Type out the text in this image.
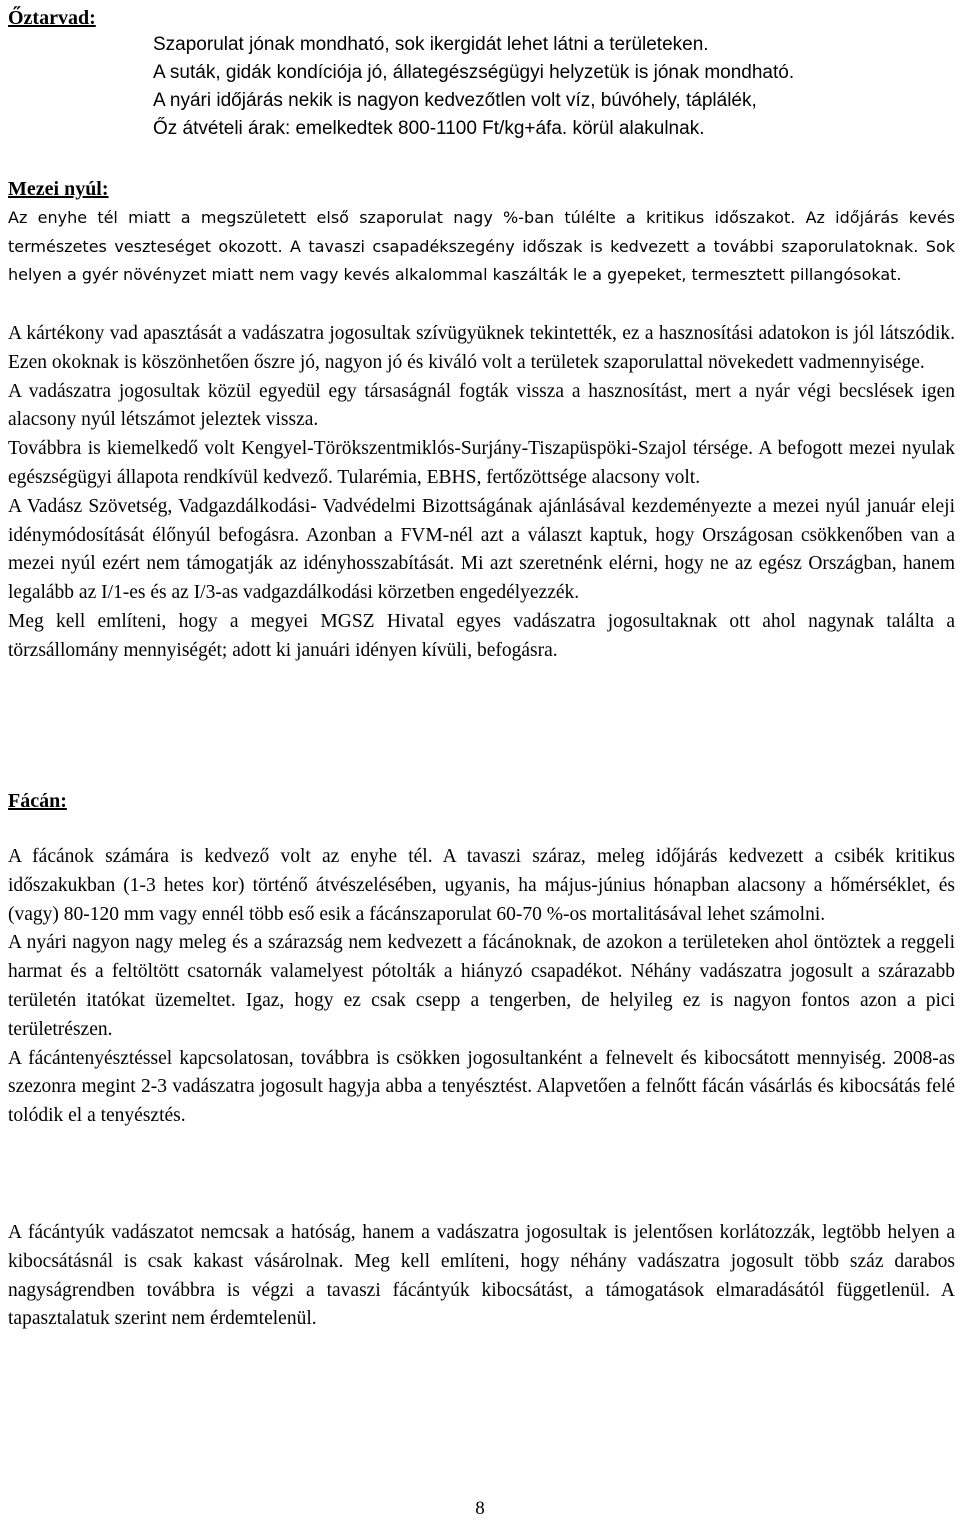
Őztarvad:

Szaporulat jónak mondható, sok ikergidát lehet látni a területeken.

A suták, gidák kondíciója jó, állategészségügyi helyzetük is jónak mondható.

A nyári időjárás nekik is nagyon kedvezőtlen volt víz, búvóhely, táplálék,

Őz átvételi árak: emelkedtek 800-1100 Ft/kg+áfa. körül alakulnak.

Mezei nyúl:

Az enyhe tél miatt a megszületett első szaporulat nagy %-ban túlélte a kritikus időszakot. Az időjárás kevés természetes veszteséget okozott. A tavaszi csapadékszegény időszak is kedvezett a további szaporulatoknak. Sok helyen a gyér növényzet miatt nem vagy kevés alkalommal kaszálták le a gyepeket, termesztett pillangósokat.

A kártékony vad apasztását a vadászatra jogosultak szívügyüknek tekintették, ez a hasznosítási adatokon is jól látszódik. Ezen okoknak is köszönhetően őszre jó, nagyon jó és kiváló volt a területek szaporulattal növekedett vadmennyisége.

A vadászatra jogosultak közül egyedül egy társaságnál fogták vissza a hasznosítást, mert a nyár végi becslések igen alacsony nyúl létszámot jeleztek vissza.

Továbbra is kiemelkedő volt Kengyel-Törökszentmiklós-Surjány-Tiszapüspöki-Szajol térsége. A befogott mezei nyulak egészségügyi állapota rendkívül kedvező. Tularémia, EBHS, fertőzöttsége alacsony volt.

A Vadász Szövetség, Vadgazdálkodási- Vadvédelmi Bizottságának ajánlásával kezdeményezte a mezei nyúl január eleji idénymódosítását élőnyúl befogásra. Azonban a FVM-nél azt a választ kaptuk, hogy Országosan csökkenőben van a mezei nyúl ezért nem támogatják az idényhosszabítását. Mi azt szeretnénk elérni, hogy ne az egész Országban, hanem legalább az I/1-es és az I/3-as vadgazdálkodási körzetben engedélyezzék.

Meg kell említeni, hogy a megyei MGSZ Hivatal egyes vadászatra jogosultaknak ott ahol nagynak találta a törzsállomány mennyiségét; adott ki januári idényen kívüli, befogásra.

Fácán:

A fácánok számára is kedvező volt az enyhe tél. A tavaszi száraz, meleg időjárás kedvezett a csibék kritikus időszakukban (1-3 hetes kor) történő átvészelésében, ugyanis, ha május-június hónapban alacsony a hőmérséklet, és (vagy) 80-120 mm vagy ennél több eső esik a fácánszaporulat 60-70 %-os mortalitásával lehet számolni.

A nyári nagyon nagy meleg és a szárazság nem kedvezett a fácánoknak, de azokon a területeken ahol öntöztek a reggeli harmat és a feltöltött csatornák valamelyest pótolták a hiányzó csapadékot. Néhány vadászatra jogosult a szárazabb területén itatókat üzemeltet. Igaz, hogy ez csak csepp a tengerben, de helyileg ez is nagyon fontos azon a pici területrészen.

A fácántenyésztéssel kapcsolatosan, továbbra is csökken jogosultanként a felnevelt és kibocsátott mennyiség. 2008-as szezonra megint 2-3 vadászatra jogosult hagyja abba a tenyésztést. Alapvetően a felnőtt fácán vásárlás és kibocsátás felé tolódik el a tenyésztés.

A fácántyúk vadászatot nemcsak a hatóság, hanem a vadászatra jogosultak is jelentősen korlátozzák, legtöbb helyen a kibocsátásnál is csak kakast vásárolnak. Meg kell említeni, hogy néhány vadászatra jogosult több száz darabos nagyságrendben továbbra is végzi a tavaszi fácántyúk kibocsátást, a támogatások elmaradásától függetlenül. A tapasztalatuk szerint nem érdemtelenül.

8
